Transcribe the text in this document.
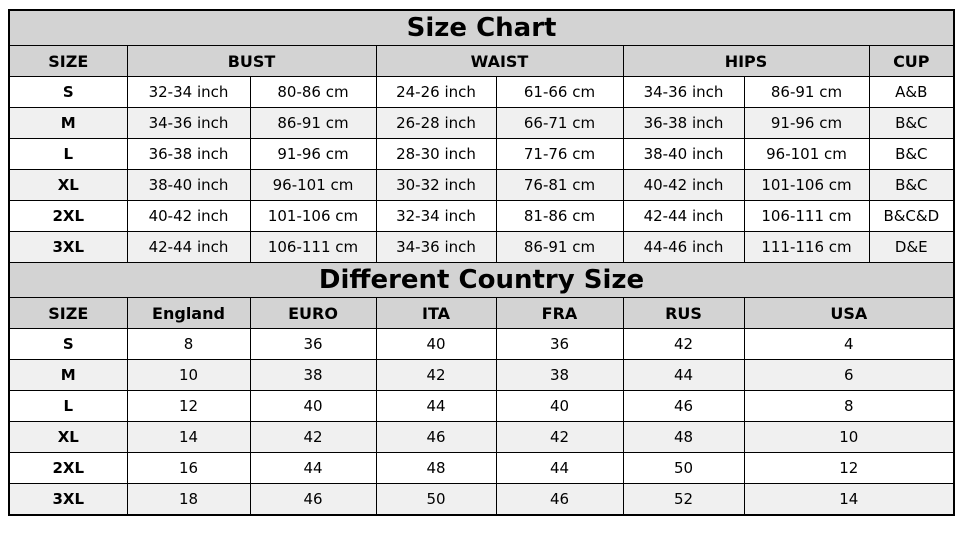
Size Chart							
SIZE	BUST		WAIST		HIPS		CUP
S	32-34 inch	80-86 cm	24-26 inch	61-66 cm	34-36 inch	86-91 cm	A&B
M	34-36 inch	86-91 cm	26-28 inch	66-71 cm	36-38 inch	91-96 cm	B&C
L	36-38 inch	91-96 cm	28-30 inch	71-76 cm	38-40 inch	96-101 cm	B&C
XL	38-40 inch	96-101 cm	30-32 inch	76-81 cm	40-42 inch	101-106 cm	B&C
2XL	40-42 inch	101-106 cm	32-34 inch	81-86 cm	42-44 inch	106-111 cm	B&C&D
3XL	42-44 inch	106-111 cm	34-36 inch	86-91 cm	44-46 inch	111-116 cm	D&E
Different Country Size							
SIZE	England	EURO	ITA	FRA	RUS	USA	
S	8	36	40	36	42	4	
M	10	38	42	38	44	6	
L	12	40	44	40	46	8	
XL	14	42	46	42	48	10	
2XL	16	44	48	44	50	12	
3XL	18	46	50	46	52	14	
